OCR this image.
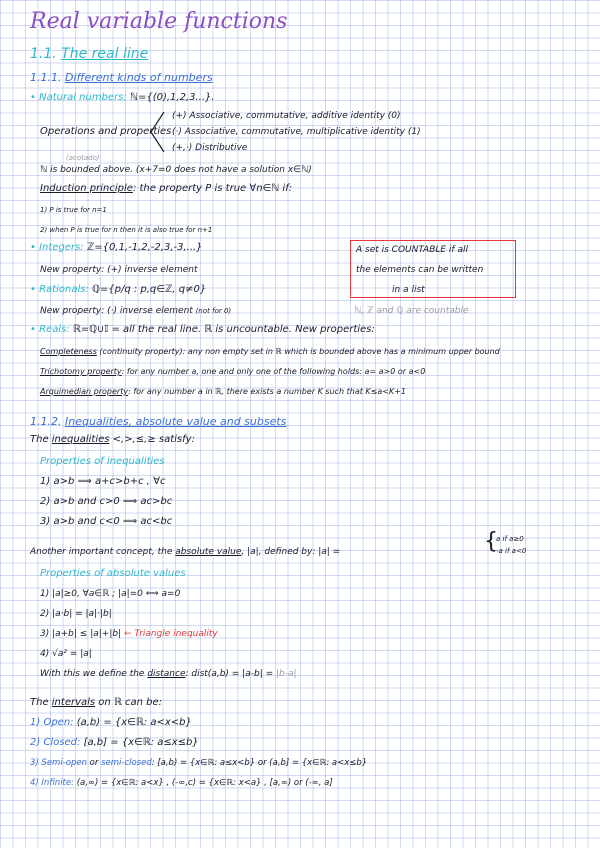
Real variable functions
1.1. The real line
1.1.1. Different kinds of numbers
• Natural numbers: ℕ={(0),1,2,3...}.
Operations and properties
(+) Associative, commutative, additive identity (0)
(·) Associative, commutative, multiplicative identity (1)
(+,·) Distributive
(acotado)
ℕ is bounded above. (x+7=0 does not have a solution x∈ℕ)
Induction principle: the property P is true ∀n∈ℕ if:
1) P is true for n=1
2) when P is true for n then it is also true for n+1
• Integers: ℤ={0,1,-1,2,-2,3,-3,...}
New property: (+) inverse element
A set is COUNTABLE if all
the elements can be written
in a list
• Rationals: ℚ={p/q : p,q∈ℤ, q≠0}
New property: (·) inverse element (not for 0)	ℕ, ℤ and ℚ are countable
• Reals: ℝ=ℚ∪𝕀 = all the real line. ℝ is uncountable. New properties:
Completeness (continuity property): any non empty set in ℝ which is bounded above has a minimum upper bound
Trichotomy property: for any number a, one and only one of the following holds: a= a>0 or a<0
Arquimedian property: for any number a in ℝ, there exists a number K such that K≤a<K+1
1.1.2. Inequalities, absolute value and subsets
The inequalities <,>,≤,≥ satisfy:
Properties of inequalities
1) a>b ⟹ a+c>b+c , ∀c
2) a>b and c>0 ⟹ ac>bc
3) a>b and c<0 ⟹ ac<bc
Another important concept, the absolute value, |a|, defined by: |a| =	{
a if a≥0
-a if a<0
Properties of absolute values
1) |a|≥0, ∀a∈ℝ ; |a|=0 ⟺ a=0
2) |a·b| = |a|·|b|
3) |a+b| ≤ |a|+|b| ← Triangle inequality
4) √a² = |a|
With this we define the distance: dist(a,b) = |a-b| = |b-a|
The intervals on ℝ can be:
1) Open: (a,b) = {x∈ℝ: a<x<b}
2) Closed: [a,b] = {x∈ℝ: a≤x≤b}
3) Semi-open or semi-closed: [a,b) = {x∈ℝ: a≤x<b} or (a,b] = {x∈ℝ: a<x≤b}
4) Infinite: (a,∞) = {x∈ℝ: a<x} , (-∞,c) = {x∈ℝ: x<a} , [a,∞) or (-∞, a]
